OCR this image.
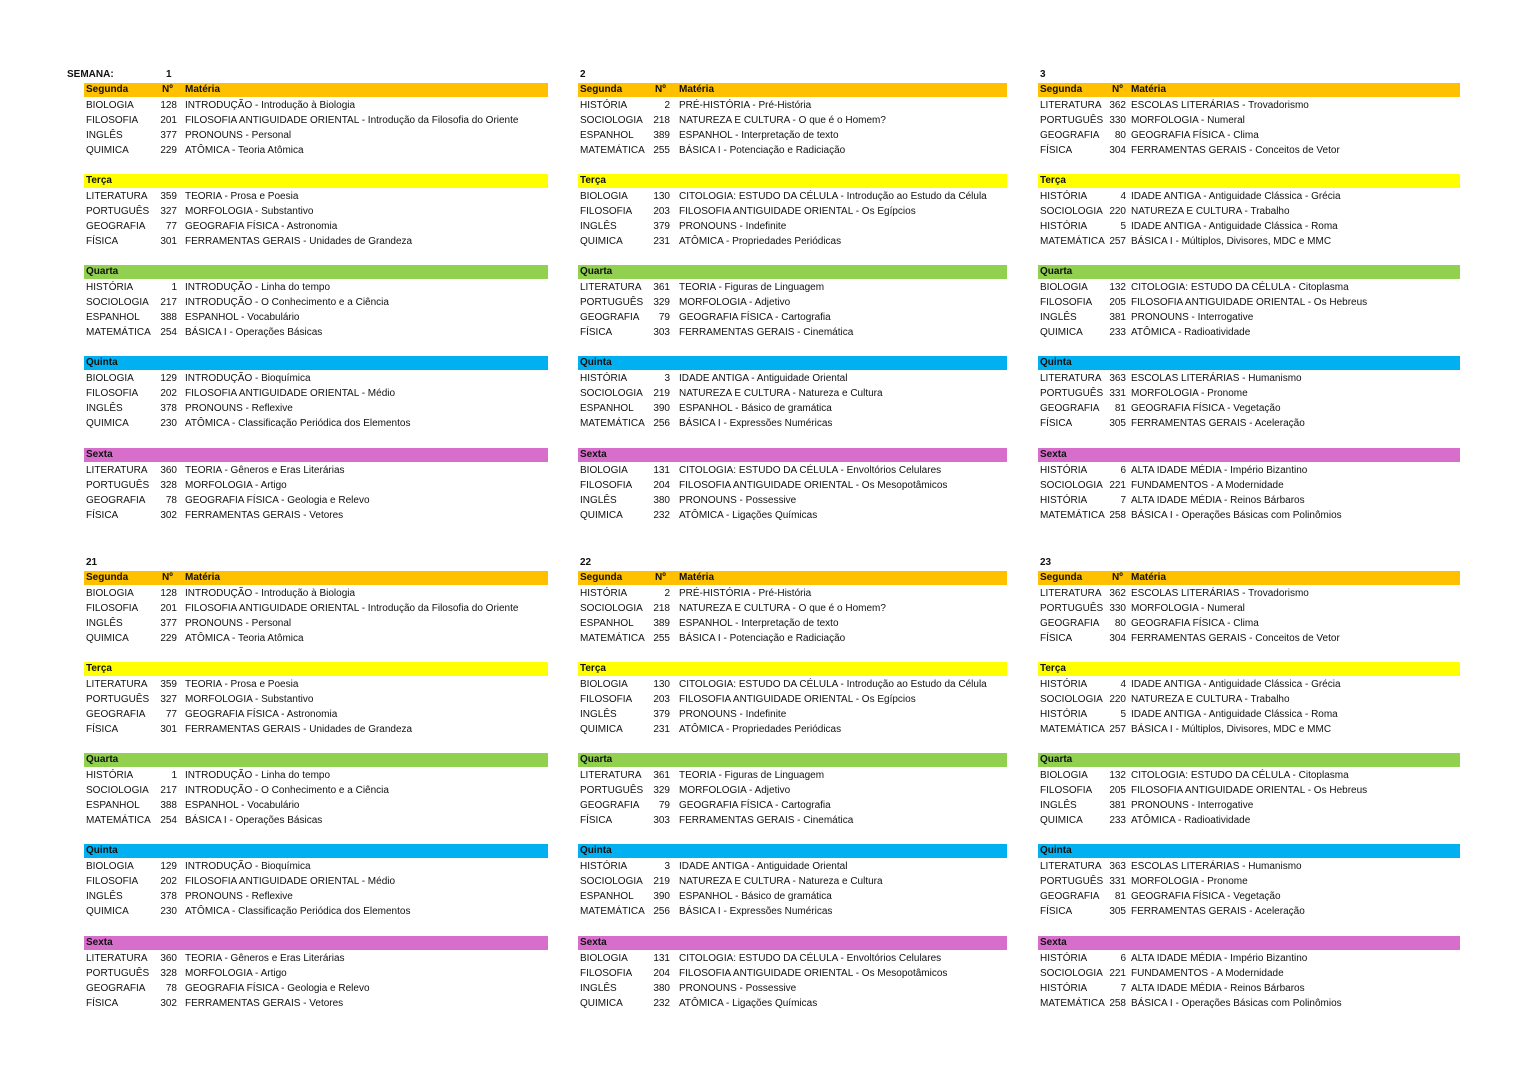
SEMANA:	1
Segunda	Nº Matéria
BIOLOGIA	128 INTRODUÇÃO - Introdução à Biologia
FILOSOFIA	201 FILOSOFIA ANTIGUIDADE ORIENTAL - Introdução da Filosofia do Oriente
INGLÊS	377 PRONOUNS - Personal
QUIMICA	229 ATÔMICA - Teoria Atômica
Terça
LITERATURA	359 TEORIA - Prosa e Poesia
PORTUGUÊS	327 MORFOLOGIA - Substantivo
GEOGRAFIA	77 GEOGRAFIA FÍSICA - Astronomia
FÍSICA	301 FERRAMENTAS GERAIS - Unidades de Grandeza
Quarta
HISTÓRIA	1 INTRODUÇÃO - Linha do tempo
SOCIOLOGIA	217 INTRODUÇÃO - O Conhecimento e a Ciência
ESPANHOL	388 ESPANHOL - Vocabulário
MATEMÁTICA 254 BÁSICA I - Operações Básicas
Quinta
BIOLOGIA	129 INTRODUÇÃO - Bioquímica
FILOSOFIA	202 FILOSOFIA ANTIGUIDADE ORIENTAL - Médio
INGLÊS	378 PRONOUNS - Reflexive
QUIMICA	230 ATÔMICA - Classificação Periódica dos Elementos
Sexta
LITERATURA	360 TEORIA - Gêneros e Eras Literárias
PORTUGUÊS	328 MORFOLOGIA - Artigo
GEOGRAFIA	78 GEOGRAFIA FÍSICA - Geologia e Relevo
FÍSICA	302 FERRAMENTAS GERAIS - Vetores
2
Segunda	Nº Matéria
HISTÓRIA	2 PRÉ-HISTÓRIA - Pré-História
SOCIOLOGIA	218 NATUREZA E CULTURA - O que é o Homem?
ESPANHOL	389 ESPANHOL - Interpretação de texto
MATEMÁTICA 255 BÁSICA I - Potenciação e Radiciação
Terça
BIOLOGIA	130 CITOLOGIA: ESTUDO DA CÉLULA - Introdução ao Estudo da Célula
FILOSOFIA	203 FILOSOFIA ANTIGUIDADE ORIENTAL - Os Egípcios
INGLÊS	379 PRONOUNS - Indefinite
QUIMICA	231 ATÔMICA - Propriedades Periódicas
Quarta
LITERATURA	361 TEORIA - Figuras de Linguagem
PORTUGUÊS	329 MORFOLOGIA - Adjetivo
GEOGRAFIA	79 GEOGRAFIA FÍSICA - Cartografia
FÍSICA	303 FERRAMENTAS GERAIS - Cinemática
Quinta
HISTÓRIA	3 IDADE ANTIGA - Antiguidade Oriental
SOCIOLOGIA	219 NATUREZA E CULTURA - Natureza e Cultura
ESPANHOL	390 ESPANHOL - Básico de gramática
MATEMÁTICA 256 BÁSICA I - Expressões Numéricas
Sexta
BIOLOGIA	131 CITOLOGIA: ESTUDO DA CÉLULA - Envoltórios Celulares
FILOSOFIA	204 FILOSOFIA ANTIGUIDADE ORIENTAL - Os Mesopotâmicos
INGLÊS	380 PRONOUNS - Possessive
QUIMICA	232 ATÔMICA - Ligações Químicas
3
Segunda	Nº Matéria
LITERATURA 362 ESCOLAS LITERÁRIAS - Trovadorismo
PORTUGUÊS 330 MORFOLOGIA - Numeral
GEOGRAFIA	80 GEOGRAFIA FÍSICA - Clima
FÍSICA	304 FERRAMENTAS GERAIS - Conceitos de Vetor
Terça
HISTÓRIA	4 IDADE ANTIGA - Antiguidade Clássica - Grécia
SOCIOLOGIA 220 NATUREZA E CULTURA - Trabalho
HISTÓRIA	5 IDADE ANTIGA - Antiguidade Clássica - Roma
MATEMÁTICA 257 BÁSICA I - Múltiplos, Divisores, MDC e MMC
Quarta
BIOLOGIA	132 CITOLOGIA: ESTUDO DA CÉLULA - Citoplasma
FILOSOFIA	205 FILOSOFIA ANTIGUIDADE ORIENTAL - Os Hebreus
INGLÊS	381 PRONOUNS - Interrogative
QUIMICA	233 ATÔMICA - Radioatividade
Quinta
LITERATURA 363 ESCOLAS LITERÁRIAS - Humanismo
PORTUGUÊS 331 MORFOLOGIA - Pronome
GEOGRAFIA	81 GEOGRAFIA FÍSICA - Vegetação
FÍSICA	305 FERRAMENTAS GERAIS - Aceleração
Sexta
HISTÓRIA	6 ALTA IDADE MÉDIA - Império Bizantino
SOCIOLOGIA 221 FUNDAMENTOS - A Modernidade
HISTÓRIA	7 ALTA IDADE MÉDIA - Reinos Bárbaros
MATEMÁTICA 258 BÁSICA I - Operações Básicas com Polinômios
21
Segunda	Nº Matéria
BIOLOGIA	128 INTRODUÇÃO - Introdução à Biologia
FILOSOFIA	201 FILOSOFIA ANTIGUIDADE ORIENTAL - Introdução da Filosofia do Oriente
INGLÊS	377 PRONOUNS - Personal
QUIMICA	229 ATÔMICA - Teoria Atômica
Terça
LITERATURA	359 TEORIA - Prosa e Poesia
PORTUGUÊS	327 MORFOLOGIA - Substantivo
GEOGRAFIA	77 GEOGRAFIA FÍSICA - Astronomia
FÍSICA	301 FERRAMENTAS GERAIS - Unidades de Grandeza
Quarta
HISTÓRIA	1 INTRODUÇÃO - Linha do tempo
SOCIOLOGIA	217 INTRODUÇÃO - O Conhecimento e a Ciência
ESPANHOL	388 ESPANHOL - Vocabulário
MATEMÁTICA 254 BÁSICA I - Operações Básicas
Quinta
BIOLOGIA	129 INTRODUÇÃO - Bioquímica
FILOSOFIA	202 FILOSOFIA ANTIGUIDADE ORIENTAL - Médio
INGLÊS	378 PRONOUNS - Reflexive
QUIMICA	230 ATÔMICA - Classificação Periódica dos Elementos
Sexta
LITERATURA	360 TEORIA - Gêneros e Eras Literárias
PORTUGUÊS	328 MORFOLOGIA - Artigo
GEOGRAFIA	78 GEOGRAFIA FÍSICA - Geologia e Relevo
FÍSICA	302 FERRAMENTAS GERAIS - Vetores
22
Segunda	Nº Matéria
HISTÓRIA	2 PRÉ-HISTÓRIA - Pré-História
SOCIOLOGIA	218 NATUREZA E CULTURA - O que é o Homem?
ESPANHOL	389 ESPANHOL - Interpretação de texto
MATEMÁTICA 255 BÁSICA I - Potenciação e Radiciação
Terça
BIOLOGIA	130 CITOLOGIA: ESTUDO DA CÉLULA - Introdução ao Estudo da Célula
FILOSOFIA	203 FILOSOFIA ANTIGUIDADE ORIENTAL - Os Egípcios
INGLÊS	379 PRONOUNS - Indefinite
QUIMICA	231 ATÔMICA - Propriedades Periódicas
Quarta
LITERATURA	361 TEORIA - Figuras de Linguagem
PORTUGUÊS	329 MORFOLOGIA - Adjetivo
GEOGRAFIA	79 GEOGRAFIA FÍSICA - Cartografia
FÍSICA	303 FERRAMENTAS GERAIS - Cinemática
Quinta
HISTÓRIA	3 IDADE ANTIGA - Antiguidade Oriental
SOCIOLOGIA	219 NATUREZA E CULTURA - Natureza e Cultura
ESPANHOL	390 ESPANHOL - Básico de gramática
MATEMÁTICA 256 BÁSICA I - Expressões Numéricas
Sexta
BIOLOGIA	131 CITOLOGIA: ESTUDO DA CÉLULA - Envoltórios Celulares
FILOSOFIA	204 FILOSOFIA ANTIGUIDADE ORIENTAL - Os Mesopotâmicos
INGLÊS	380 PRONOUNS - Possessive
QUIMICA	232 ATÔMICA - Ligações Químicas
23
Segunda	Nº Matéria
LITERATURA 362 ESCOLAS LITERÁRIAS - Trovadorismo
PORTUGUÊS 330 MORFOLOGIA - Numeral
GEOGRAFIA	80 GEOGRAFIA FÍSICA - Clima
FÍSICA	304 FERRAMENTAS GERAIS - Conceitos de Vetor
Terça
HISTÓRIA	4 IDADE ANTIGA - Antiguidade Clássica - Grécia
SOCIOLOGIA 220 NATUREZA E CULTURA - Trabalho
HISTÓRIA	5 IDADE ANTIGA - Antiguidade Clássica - Roma
MATEMÁTICA 257 BÁSICA I - Múltiplos, Divisores, MDC e MMC
Quarta
BIOLOGIA	132 CITOLOGIA: ESTUDO DA CÉLULA - Citoplasma
FILOSOFIA	205 FILOSOFIA ANTIGUIDADE ORIENTAL - Os Hebreus
INGLÊS	381 PRONOUNS - Interrogative
QUIMICA	233 ATÔMICA - Radioatividade
Quinta
LITERATURA 363 ESCOLAS LITERÁRIAS - Humanismo
PORTUGUÊS 331 MORFOLOGIA - Pronome
GEOGRAFIA	81 GEOGRAFIA FÍSICA - Vegetação
FÍSICA	305 FERRAMENTAS GERAIS - Aceleração
Sexta
HISTÓRIA	6 ALTA IDADE MÉDIA - Império Bizantino
SOCIOLOGIA 221 FUNDAMENTOS - A Modernidade
HISTÓRIA	7 ALTA IDADE MÉDIA - Reinos Bárbaros
MATEMÁTICA 258 BÁSICA I - Operações Básicas com Polinômios
